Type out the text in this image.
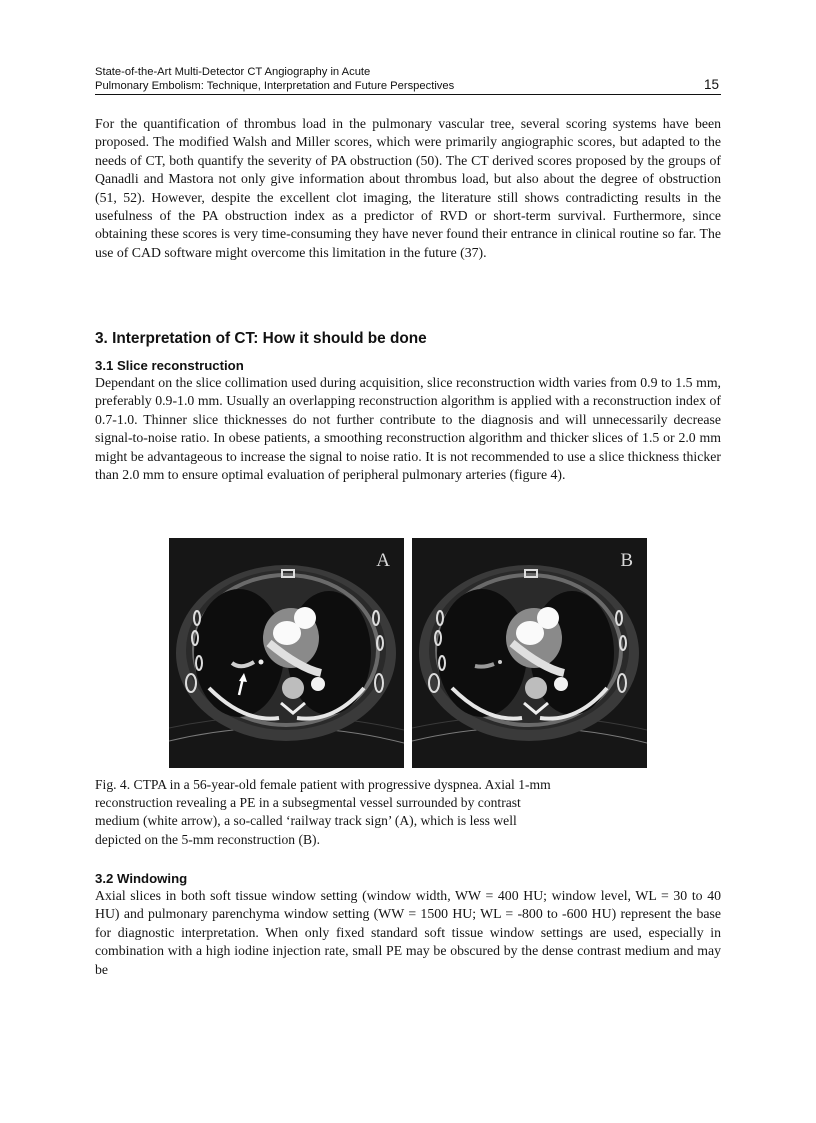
State-of-the-Art Multi-Detector CT Angiography in Acute
Pulmonary Embolism: Technique, Interpretation and Future Perspectives	15

For the quantification of thrombus load in the pulmonary vascular tree, several scoring systems have been proposed. The modified Walsh and Miller scores, which were primarily angiographic scores, but adapted to the needs of CT, both quantify the severity of PA obstruction (50). The CT derived scores proposed by the groups of Qanadli and Mastora not only give information about thrombus load, but also about the degree of obstruction (51, 52). However, despite the excellent clot imaging, the literature still shows contradicting results in the usefulness of the PA obstruction index as a predictor of RVD or short-term survival. Furthermore, since obtaining these scores is very time-consuming they have never found their entrance in clinical routine so far. The use of CAD software might overcome this limitation in the future (37).

3. Interpretation of CT: How it should be done
3.1 Slice reconstruction

Dependant on the slice collimation used during acquisition, slice reconstruction width varies from 0.9 to 1.5 mm, preferably 0.9-1.0 mm. Usually an overlapping reconstruction algorithm is applied with a reconstruction index of 0.7-1.0. Thinner slice thicknesses do not further contribute to the diagnosis and will unnecessarily decrease signal-to-noise ratio. In obese patients, a smoothing reconstruction algorithm and thicker slices of 1.5 or 2.0 mm might be advantageous to increase the signal to noise ratio. It is not recommended to use a slice thickness thicker than 2.0 mm to ensure optimal evaluation of peripheral pulmonary arteries (figure 4).

A	B

Fig. 4. CTPA in a 56-year-old female patient with progressive dyspnea. Axial 1-mm reconstruction revealing a PE in a subsegmental vessel surrounded by contrast medium (white arrow), a so-called ‘railway track sign’ (A), which is less well depicted on the 5-mm reconstruction (B).

3.2 Windowing

Axial slices in both soft tissue window setting (window width, WW = 400 HU; window level, WL = 30 to 40 HU) and pulmonary parenchyma window setting (WW = 1500 HU; WL = -800 to -600 HU) represent the base for diagnostic interpretation. When only fixed standard soft tissue window settings are used, especially in combination with a high iodine injection rate, small PE may be obscured by the dense contrast medium and may be
